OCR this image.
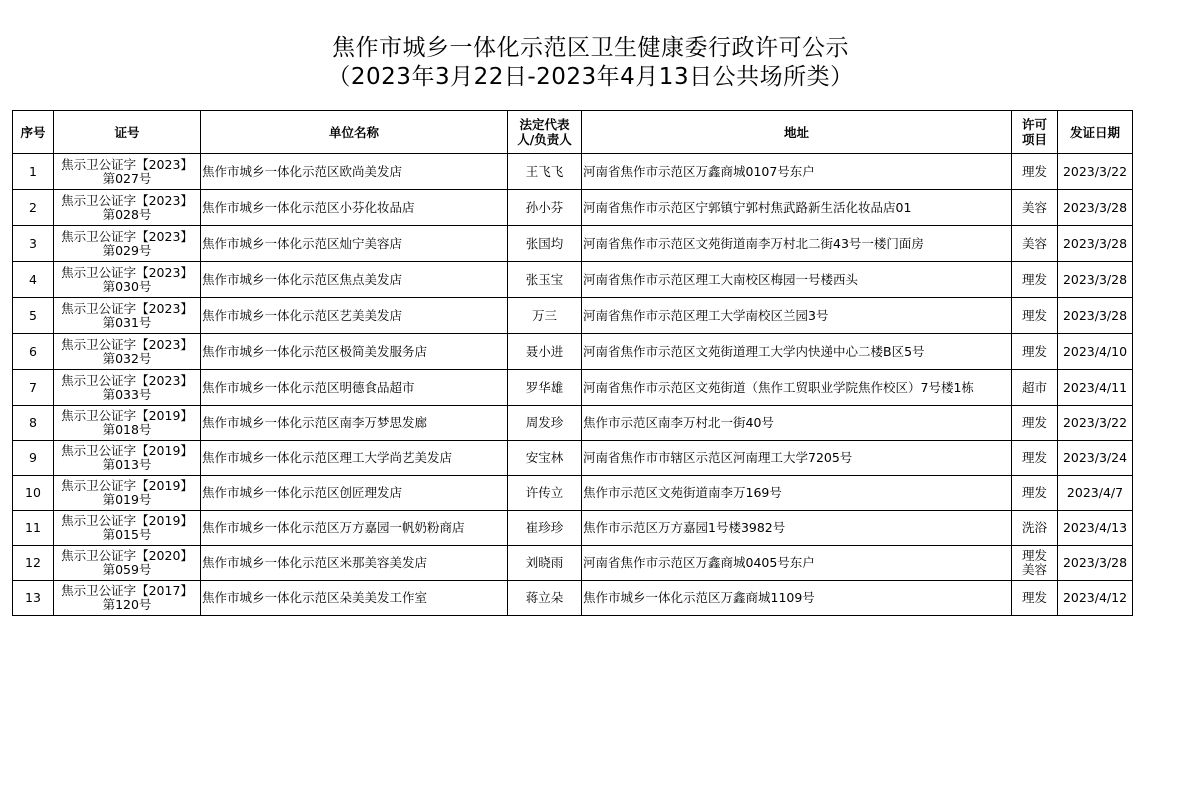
焦作市城乡一体化示范区卫生健康委行政许可公示
（2023年3月22日-2023年4月13日公共场所类）
序号	证号	单位名称	法定代表
人/负责人	地址	许可
项目	发证日期
1	焦示卫公证字【2023】
第027号	焦作市城乡一体化示范区欧尚美发店	王飞飞	河南省焦作市示范区万鑫商城0107号东户	理发	2023/3/22
2	焦示卫公证字【2023】
第028号	焦作市城乡一体化示范区小芬化妆品店	孙小芬	河南省焦作市示范区宁郭镇宁郭村焦武路新生活化妆品店01	美容	2023/3/28
3	焦示卫公证字【2023】
第029号	焦作市城乡一体化示范区灿宁美容店	张国均	河南省焦作市示范区文苑街道南李万村北二街43号一楼门面房	美容	2023/3/28
4	焦示卫公证字【2023】
第030号	焦作市城乡一体化示范区焦点美发店	张玉宝	河南省焦作市示范区理工大南校区梅园一号楼西头	理发	2023/3/28
5	焦示卫公证字【2023】
第031号	焦作市城乡一体化示范区艺美美发店	万三	河南省焦作市示范区理工大学南校区兰园3号	理发	2023/3/28
6	焦示卫公证字【2023】
第032号	焦作市城乡一体化示范区极简美发服务店	聂小进	河南省焦作市示范区文苑街道理工大学内快递中心二楼B区5号	理发	2023/4/10
7	焦示卫公证字【2023】
第033号	焦作市城乡一体化示范区明德食品超市	罗华雄	河南省焦作市示范区文苑街道（焦作工贸职业学院焦作校区）7号楼1栋	超市	2023/4/11
8	焦示卫公证字【2019】
第018号	焦作市城乡一体化示范区南李万梦思发廊	周发珍	焦作市示范区南李万村北一街40号	理发	2023/3/22
9	焦示卫公证字【2019】
第013号	焦作市城乡一体化示范区理工大学尚艺美发店	安宝林	河南省焦作市市辖区示范区河南理工大学7205号	理发	2023/3/24
10	焦示卫公证字【2019】
第019号	焦作市城乡一体化示范区创匠理发店	许传立	焦作市示范区文苑街道南李万169号	理发	2023/4/7
11	焦示卫公证字【2019】
第015号	焦作市城乡一体化示范区万方嘉园一帆奶粉商店	崔珍珍	焦作市示范区万方嘉园1号楼3982号	洗浴	2023/4/13
12	焦示卫公证字【2020】
第059号	焦作市城乡一体化示范区米那美容美发店	刘晓雨	河南省焦作市示范区万鑫商城0405号东户	理发
美容	2023/3/28
13	焦示卫公证字【2017】
第120号	焦作市城乡一体化示范区朵美美发工作室	蒋立朵	焦作市城乡一体化示范区万鑫商城1109号	理发	2023/4/12
